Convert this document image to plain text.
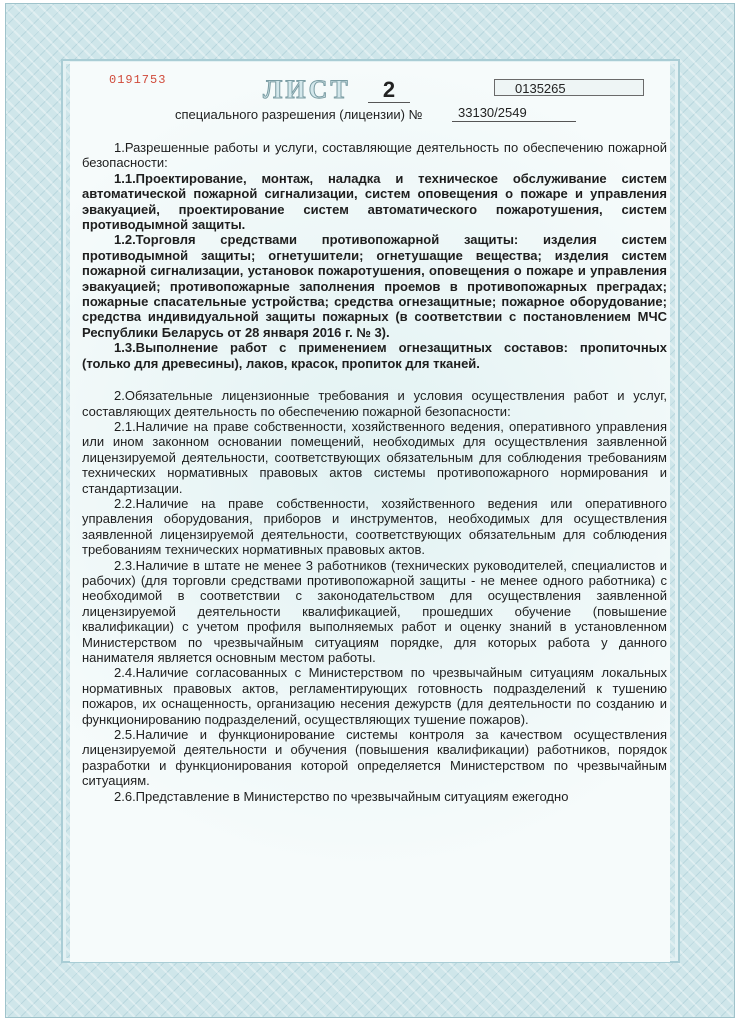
0191753	ЛИСТ	2	0135265
специального разрешения (лицензии) №	33130/2549

1.Разрешенные работы и услуги, составляющие деятельность по обеспечению пожарной безопасности:

1.1.Проектирование, монтаж, наладка и техническое обслуживание систем автоматической пожарной сигнализации, систем оповещения о пожаре и управления эвакуацией, проектирование систем автоматического пожаротушения, систем противодымной защиты.

1.2.Торговля средствами противопожарной защиты: изделия систем противодымной защиты; огнетушители; огнетушащие вещества; изделия систем пожарной сигнализации, установок пожаротушения, оповещения о пожаре и управления эвакуацией; противопожарные заполнения проемов в противопожарных преградах; пожарные спасательные устройства; средства огнезащитные; пожарное оборудование; средства индивидуальной защиты пожарных (в соответствии с постановлением МЧС Республики Беларусь от 28 января 2016 г. № 3).

1.3.Выполнение работ с применением огнезащитных составов: пропиточных (только для древесины), лаков, красок, пропиток для тканей.

2.Обязательные лицензионные требования и условия осуществления работ и услуг, составляющих деятельность по обеспечению пожарной безопасности:

2.1.Наличие на праве собственности, хозяйственного ведения, оперативного управления или ином законном основании помещений, необходимых для осуществления заявленной лицензируемой деятельности, соответствующих обязательным для соблюдения требованиям технических нормативных правовых актов системы противопожарного нормирования и стандартизации.

2.2.Наличие на праве собственности, хозяйственного ведения или оперативного управления оборудования, приборов и инструментов, необходимых для осуществления заявленной лицензируемой деятельности, соответствующих обязательным для соблюдения требованиям технических нормативных правовых актов.

2.3.Наличие в штате не менее 3 работников (технических руководителей, специалистов и рабочих) (для торговли средствами противопожарной защиты - не менее одного работника) с необходимой в соответствии с законодательством для осуществления заявленной лицензируемой деятельности квалификацией, прошедших обучение (повышение квалификации) с учетом профиля выполняемых работ и оценку знаний в установленном Министерством по чрезвычайным ситуациям порядке, для которых работа у данного нанимателя является основным местом работы.

2.4.Наличие согласованных с Министерством по чрезвычайным ситуациям локальных нормативных правовых актов, регламентирующих готовность подразделений к тушению пожаров, их оснащенность, организацию несения дежурств (для деятельности по созданию и функционированию подразделений, осуществляющих тушение пожаров).

2.5.Наличие и функционирование системы контроля за качеством осуществления лицензируемой деятельности и обучения (повышения квалификации) работников, порядок разработки и функционирования которой определяется Министерством по чрезвычайным ситуациям.

2.6.Представление в Министерство по чрезвычайным ситуациям ежегодно
